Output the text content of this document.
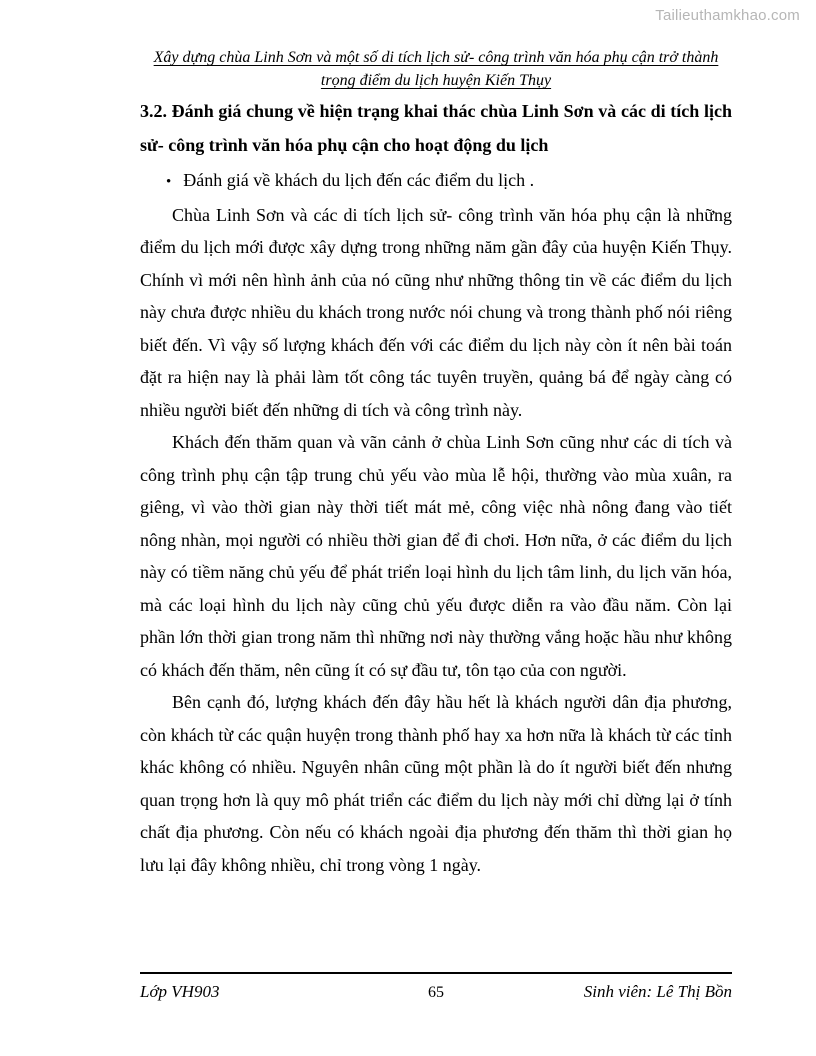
Tailieuthamkhao.com
Xây dựng chùa Linh Sơn và một số di tích lịch sử- công trình văn hóa phụ cận trở thành trọng điểm du lịch huyện Kiến Thụy
3.2. Đánh giá chung về hiện trạng khai thác chùa Linh Sơn và các di tích lịch sử- công trình văn hóa phụ cận cho hoạt động du lịch
• Đánh giá về khách du lịch đến các điểm du lịch .

Chùa Linh Sơn và các di tích lịch sử- công trình văn hóa phụ cận là những điểm du lịch mới được xây dựng trong những năm gần đây của huyện Kiến Thụy. Chính vì mới nên hình ảnh của nó cũng như những thông tin về các điểm du lịch này chưa được nhiều du khách trong nước nói chung và trong thành phố nói riêng biết đến. Vì vậy số lượng khách đến với các điểm du lịch này còn ít nên bài toán đặt ra hiện nay là phải làm tốt công tác tuyên truyền, quảng bá để ngày càng có nhiều người biết đến những di tích và công trình này.

Khách đến thăm quan và vãn cảnh ở chùa Linh Sơn cũng như các di tích và công trình phụ cận tập trung chủ yếu vào mùa lễ hội, thường vào mùa xuân, ra giêng, vì vào thời gian này thời tiết mát mẻ, công việc nhà nông đang vào tiết nông nhàn, mọi người có nhiều thời gian để đi chơi. Hơn nữa, ở các điểm du lịch này có tiềm năng chủ yếu để phát triển loại hình du lịch tâm linh, du lịch văn hóa, mà các loại hình du lịch này cũng chủ yếu được diễn ra vào đầu năm. Còn lại phần lớn thời gian trong năm thì những nơi này thường vắng hoặc hầu như không có khách đến thăm, nên cũng ít có sự đầu tư, tôn tạo của con người.

Bên cạnh đó, lượng khách đến đây hầu hết là khách người dân địa phương, còn khách từ các quận huyện trong thành phố hay xa hơn nữa là khách từ các tỉnh khác không có nhiều. Nguyên nhân cũng một phần là do ít người biết đến nhưng quan trọng hơn là quy mô phát triển các điểm du lịch này mới chỉ dừng lại ở tính chất địa phương. Còn nếu có khách ngoài địa phương đến thăm thì thời gian họ lưu lại đây không nhiều, chỉ trong vòng 1 ngày.

Lớp VH903	65	Sinh viên: Lê Thị Bồn
